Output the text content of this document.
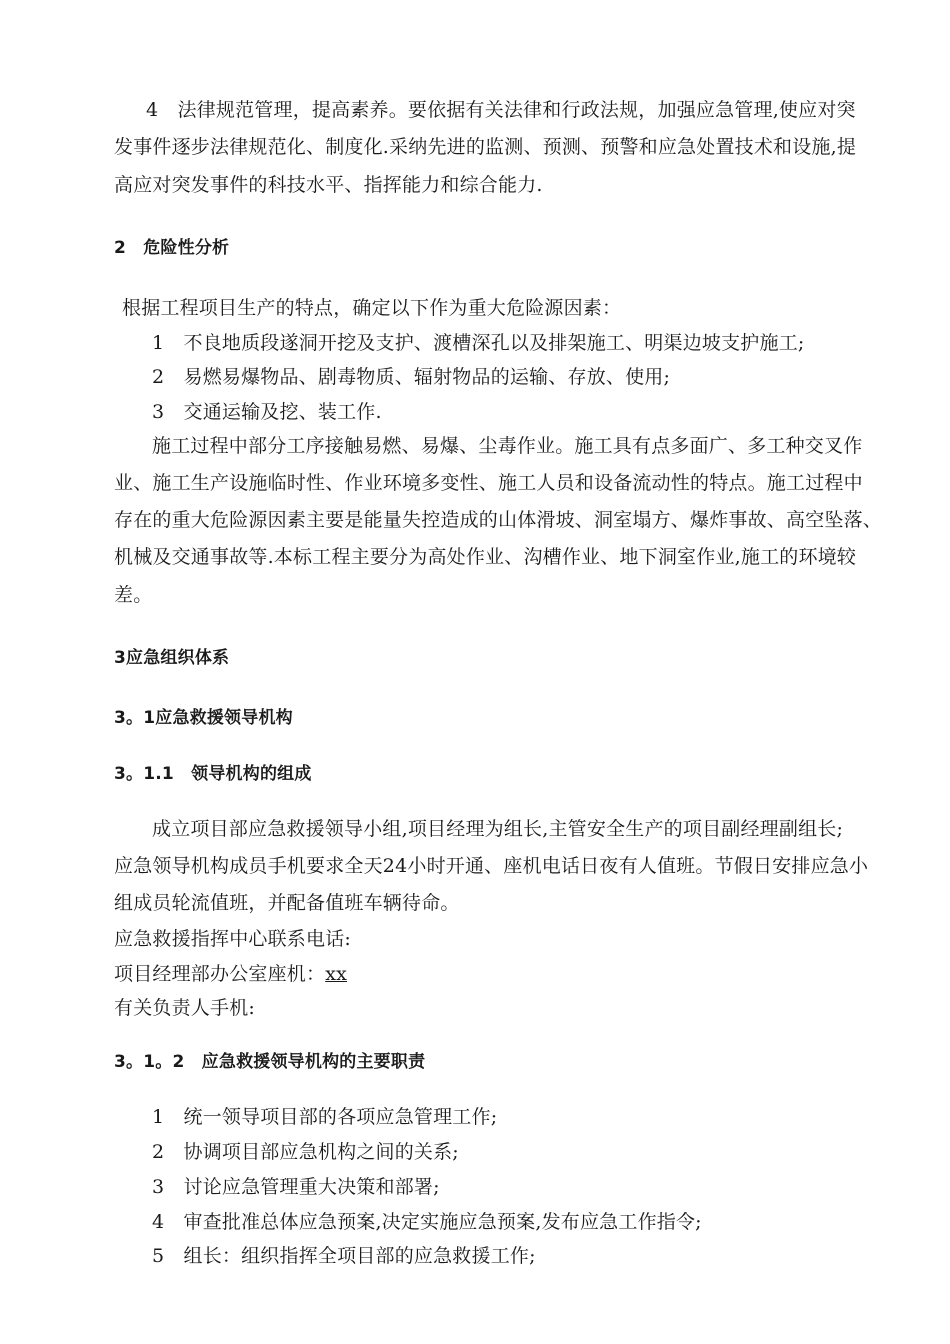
4　法律规范管理，提高素养。要依据有关法律和行政法规，加强应急管理,使应对突
发事件逐步法律规范化、制度化.采纳先进的监测、预测、预警和应急处置技术和设施,提
高应对突发事件的科技水平、指挥能力和综合能力.
2　危险性分析
根据工程项目生产的特点，确定以下作为重大危险源因素：
1　不良地质段遂洞开挖及支护、渡槽深孔以及排架施工、明渠边坡支护施工;
2　易燃易爆物品、剧毒物质、辐射物品的运输、存放、使用;
3　交通运输及挖、装工作.
施工过程中部分工序接触易燃、易爆、尘毒作业。施工具有点多面广、多工种交叉作
业、施工生产设施临时性、作业环境多变性、施工人员和设备流动性的特点。施工过程中
存在的重大危险源因素主要是能量失控造成的山体滑坡、洞室塌方、爆炸事故、高空坠落、
机械及交通事故等.本标工程主要分为高处作业、沟槽作业、地下洞室作业,施工的环境较
差。
3应急组织体系
3。1应急救援领导机构
3。1.1　领导机构的组成
成立项目部应急救援领导小组,项目经理为组长,主管安全生产的项目副经理副组长;
应急领导机构成员手机要求全天24小时开通、座机电话日夜有人值班。节假日安排应急小
组成员轮流值班，并配备值班车辆待命。
应急救援指挥中心联系电话:
项目经理部办公室座机：xx
有关负责人手机:
3。1。2　应急救援领导机构的主要职责
1　统一领导项目部的各项应急管理工作;
2　协调项目部应急机构之间的关系;
3　讨论应急管理重大决策和部署;
4　审查批准总体应急预案,决定实施应急预案,发布应急工作指令;
5　组长：组织指挥全项目部的应急救援工作;
